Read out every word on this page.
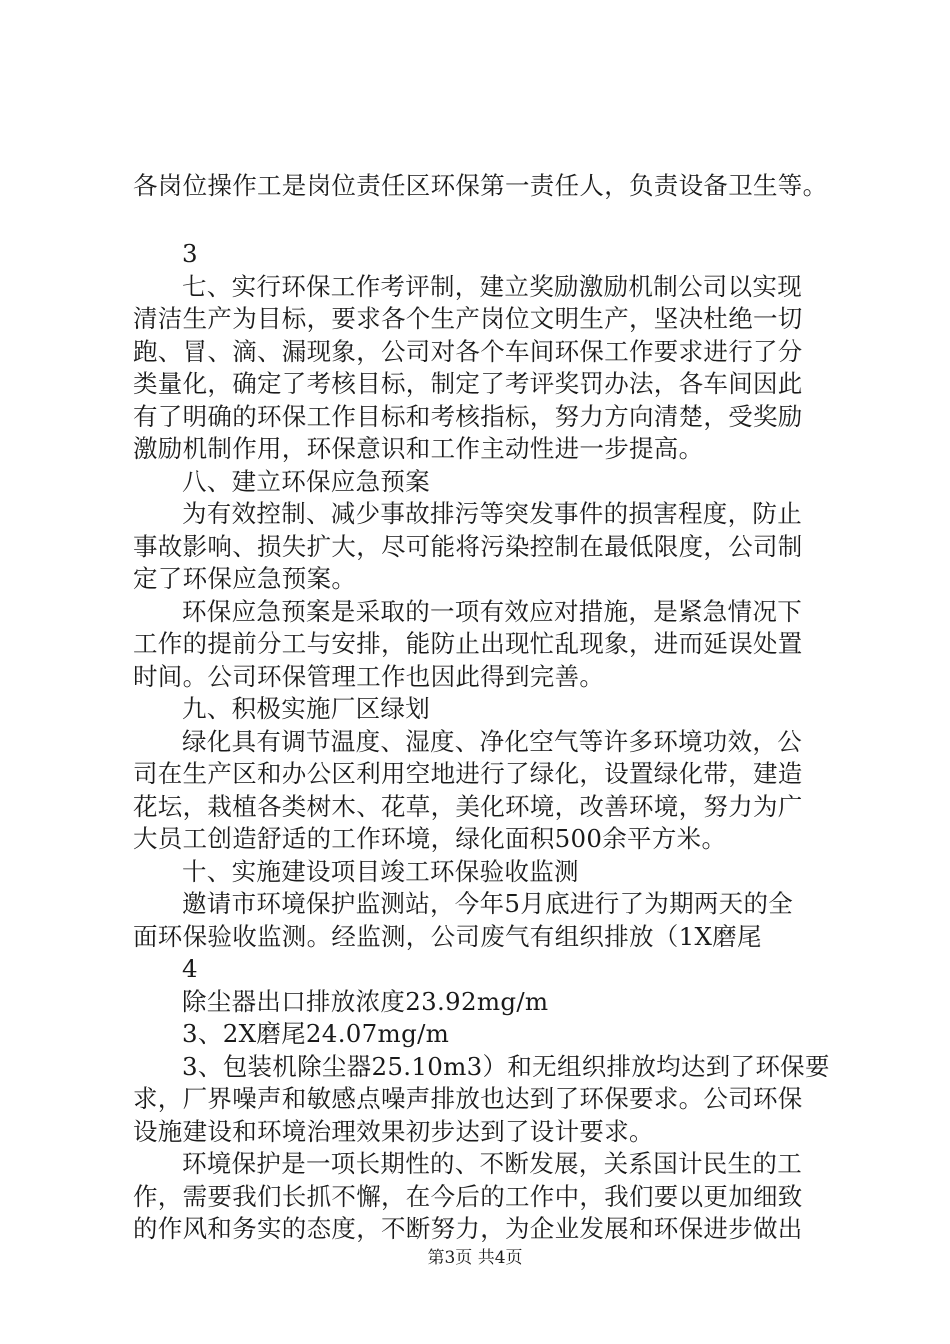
各岗位操作工是岗位责任区环保第一责任人，负责设备卫生等。
3
七、实行环保工作考评制，建立奖励激励机制公司以实现
清洁生产为目标，要求各个生产岗位文明生产，坚决杜绝一切
跑、冒、滴、漏现象，公司对各个车间环保工作要求进行了分
类量化，确定了考核目标，制定了考评奖罚办法，各车间因此
有了明确的环保工作目标和考核指标，努力方向清楚，受奖励
激励机制作用，环保意识和工作主动性进一步提高。
八、建立环保应急预案
为有效控制、减少事故排污等突发事件的损害程度，防止
事故影响、损失扩大，尽可能将污染控制在最低限度，公司制
定了环保应急预案。
环保应急预案是采取的一项有效应对措施，是紧急情况下
工作的提前分工与安排，能防止出现忙乱现象，进而延误处置
时间。公司环保管理工作也因此得到完善。
九、积极实施厂区绿划
绿化具有调节温度、湿度、净化空气等许多环境功效，公
司在生产区和办公区利用空地进行了绿化，设置绿化带，建造
花坛，栽植各类树木、花草，美化环境，改善环境，努力为广
大员工创造舒适的工作环境，绿化面积500余平方米。
十、实施建设项目竣工环保验收监测
邀请市环境保护监测站，今年5月底进行了为期两天的全
面环保验收监测。经监测，公司废气有组织排放（1X磨尾
4
除尘器出口排放浓度23.92mg/m
3、2X磨尾24.07mg/m
3、包装机除尘器25.10m3）和无组织排放均达到了环保要
求，厂界噪声和敏感点噪声排放也达到了环保要求。公司环保
设施建设和环境治理效果初步达到了设计要求。
环境保护是一项长期性的、不断发展，关系国计民生的工
作，需要我们长抓不懈，在今后的工作中，我们要以更加细致
的作风和务实的态度，不断努力，为企业发展和环保进步做出
第3页 共4页
